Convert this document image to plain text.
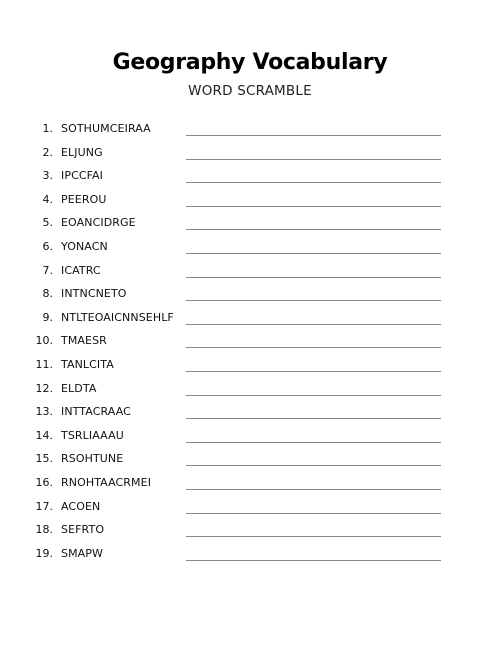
Geography Vocabulary
WORD SCRAMBLE
1. SOTHUMCEIRAA
2. ELJUNG
3. IPCCFAI
4. PEEROU
5. EOANCIDRGE
6. YONACN
7. ICATRC
8. INTNCNETO
9. NTLTEOAICNNSEHLF
10. TMAESR
11. TANLCITA
12. ELDTA
13. INTTACRAAC
14. TSRLIAAAU
15. RSOHTUNE
16. RNOHTAACRMEI
17. ACOEN
18. SEFRTO
19. SMAPW
